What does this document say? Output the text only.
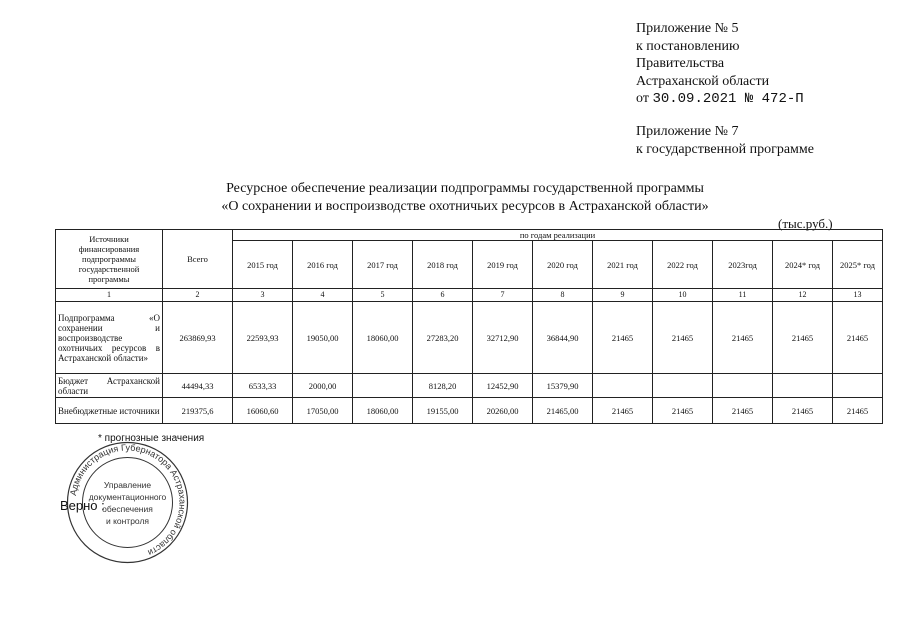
Приложение № 5
к постановлению
Правительства
Астраханской области
от 30.09.2021 № 472-П
Приложение № 7
к государственной программе
Ресурсное обеспечение реализации подпрограммы государственной программы
«О сохранении и воспроизводстве охотничьих ресурсов в Астраханской области»
(тыс.руб.)
Источники финансирования подпрограммы государственной программы	Всего	по годам реализации										
		2015 год	2016 год	2017 год	2018 год	2019 год	2020 год	2021 год	2022 год	2023год	2024* год	2025* год
1	2	3	4	5	6	7	8	9	10	11	12	13
Подпрограмма «О сохранении и воспроизводстве охотничьих ресурсов в Астраханской области»	263869,93	22593,93	19050,00	18060,00	27283,20	32712,90	36844,90	21465	21465	21465	21465	21465
Бюджет Астраханской области	44494,33	6533,33	2000,00		8128,20	12452,90	15379,90					
Внебюджетные источники	219375,6	16060,60	17050,00	18060,00	19155,00	20260,00	21465,00	21465	21465	21465	21465	21465
* прогнозные значения
Администрация Губернатора Астраханской области
Управление
документационного
обеспечения
и контроля
Верно :
